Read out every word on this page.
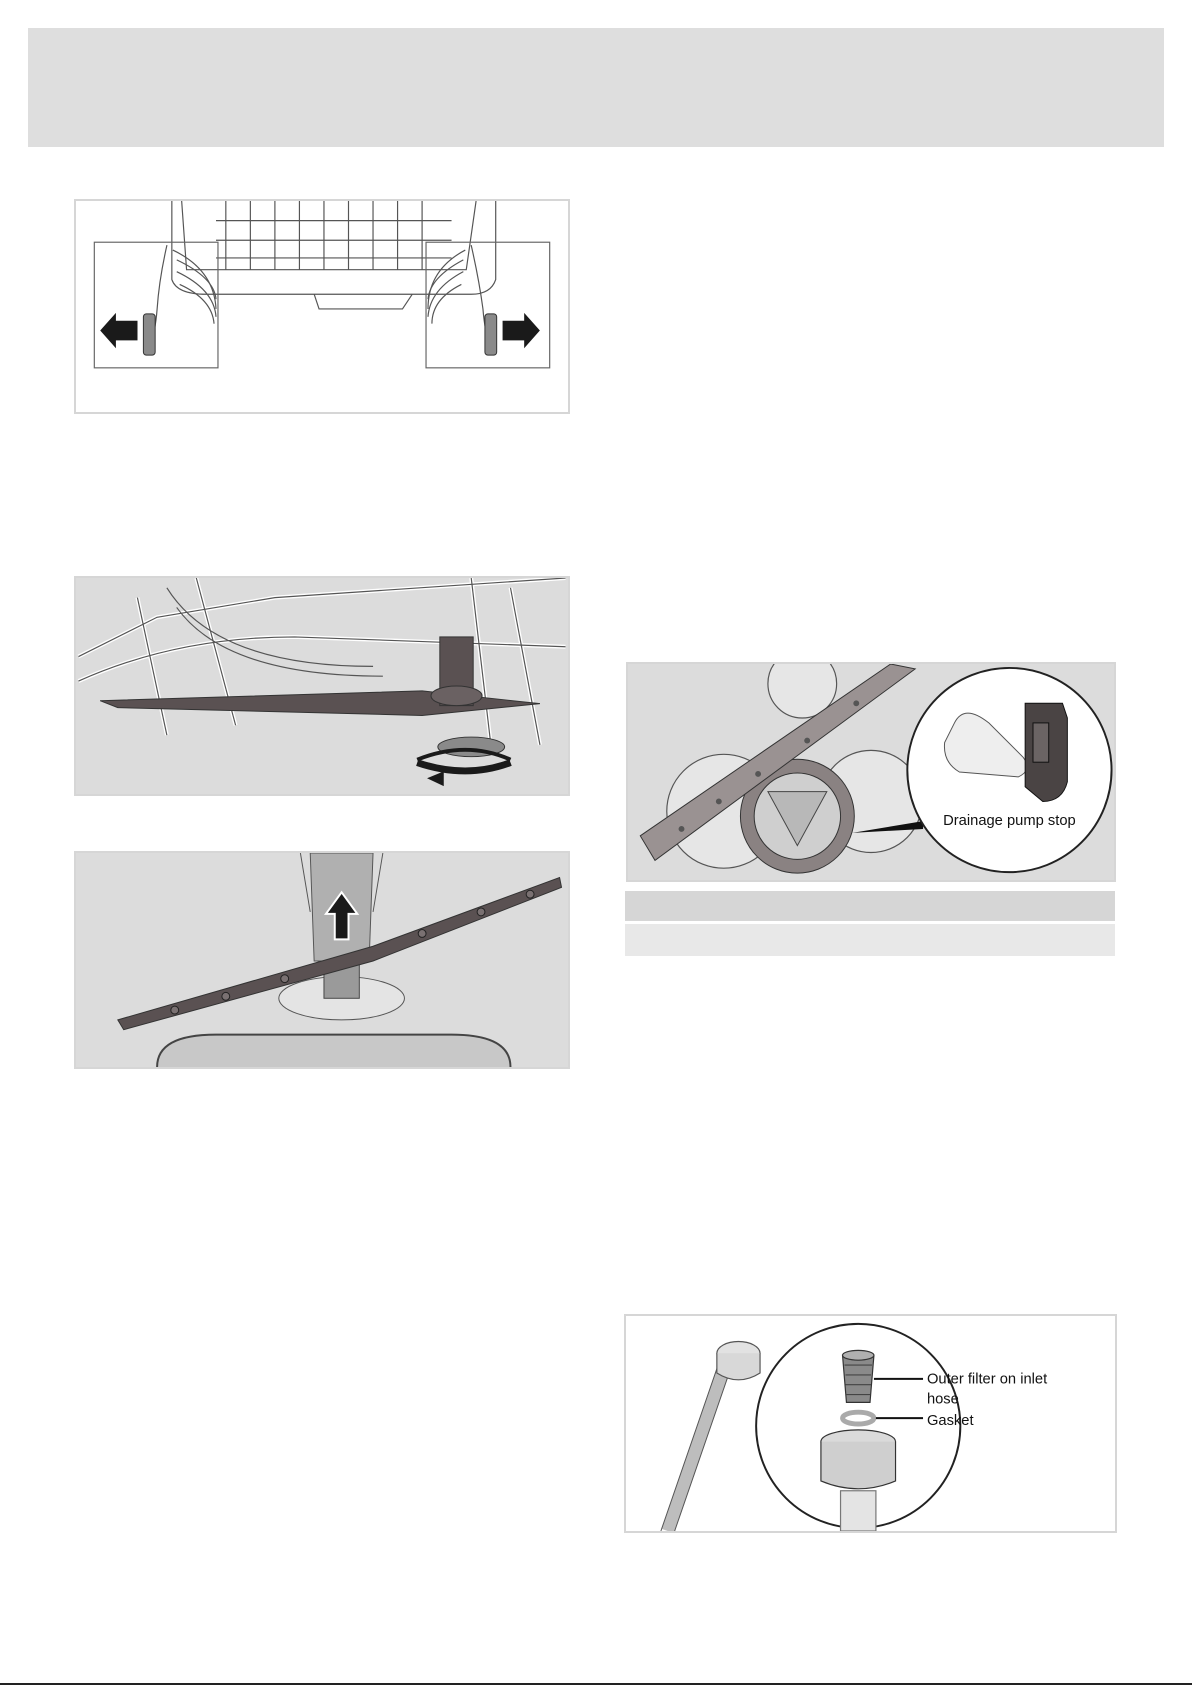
Drainage pump stop
Outer filter on inlet
hose
Gasket
